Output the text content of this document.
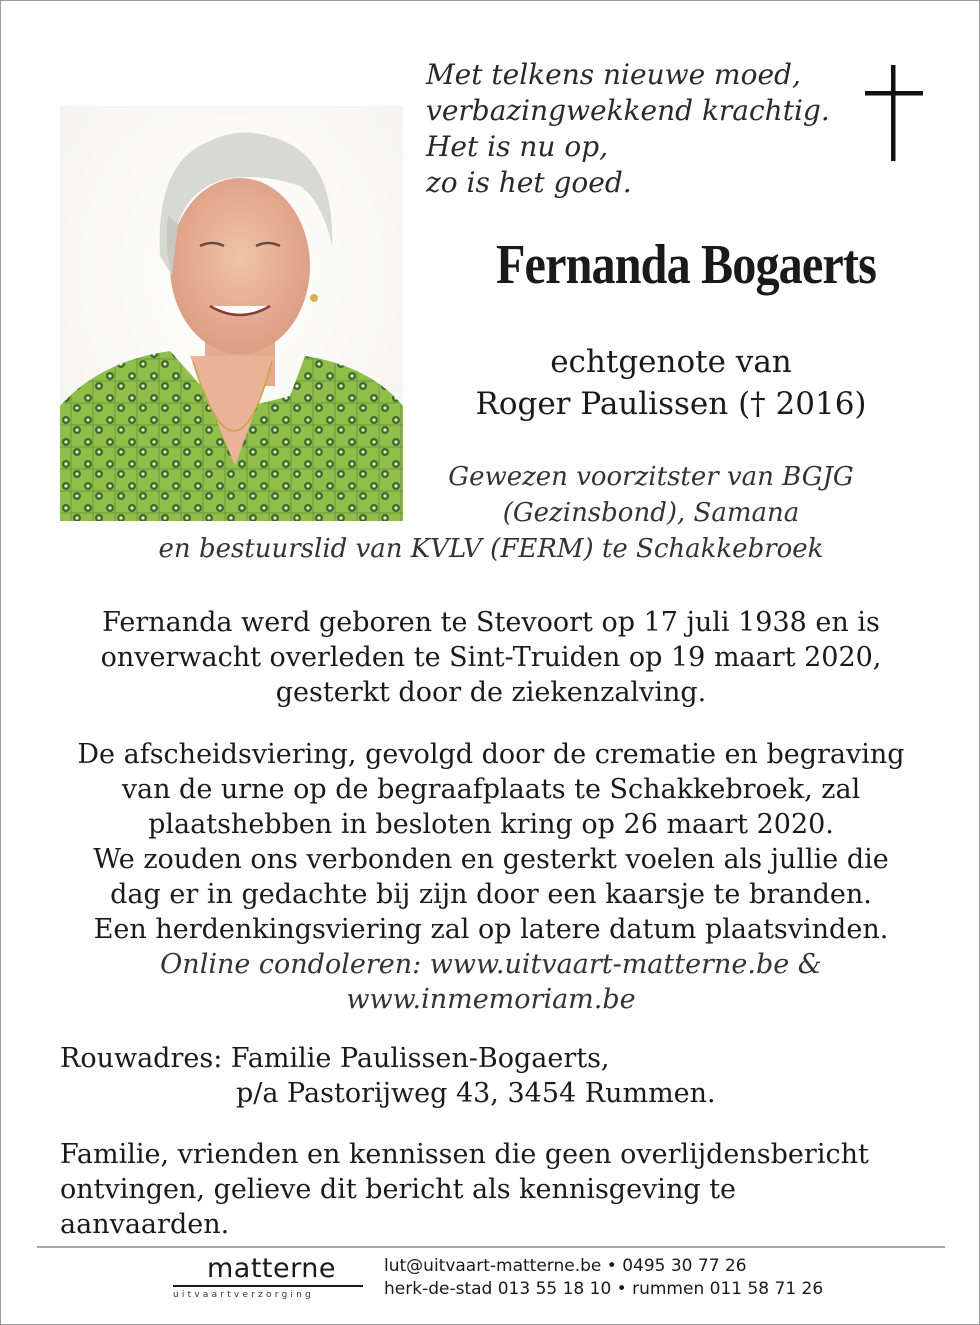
Met telkens nieuwe moed,
verbazingwekkend krachtig.
Het is nu op,
zo is het goed.
Fernanda Bogaerts
echtgenote van
Roger Paulissen († 2016)
Gewezen voorzitster van BGJG
(Gezinsbond), Samana
en bestuurslid van KVLV (FERM) te Schakkebroek
Fernanda werd geboren te Stevoort op 17 juli 1938 en is
onverwacht overleden te Sint-Truiden op 19 maart 2020,
gesterkt door de ziekenzalving.
De afscheidsviering, gevolgd door de crematie en begraving
van de urne op de begraafplaats te Schakkebroek, zal
plaatshebben in besloten kring op 26 maart 2020.
We zouden ons verbonden en gesterkt voelen als jullie die
dag er in gedachte bij zijn door een kaarsje te branden.
Een herdenkingsviering zal op latere datum plaatsvinden.
Online condoleren: www.uitvaart-matterne.be &
www.inmemoriam.be
Rouwadres: Familie Paulissen-Bogaerts,
p/a Pastorijweg 43, 3454 Rummen.
Familie, vrienden en kennissen die geen overlijdensbericht
ontvingen, gelieve dit bericht als kennisgeving te
aanvaarden.
matterne
uitvaartverzorging
lut@uitvaart-matterne.be • 0495 30 77 26
herk-de-stad 013 55 18 10 • rummen 011 58 71 26
